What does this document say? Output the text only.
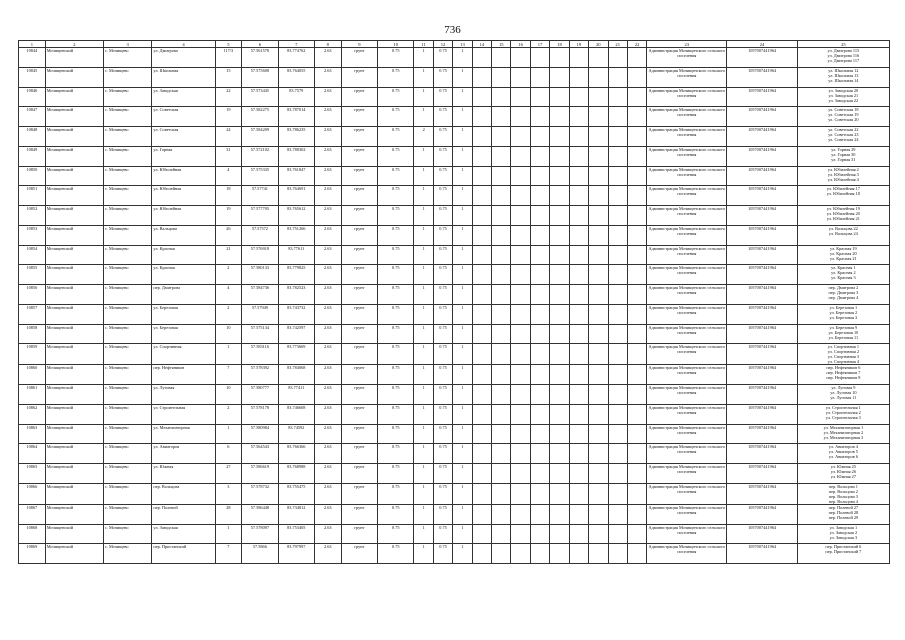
736
1	2	3	4	5	6	7	8	9	10	11	12	13	14	15	16	17	18	19	20	21	22	23	24	25
10844	Мочищенский	с. Мочищево	ул. Дмитрова	117/3	57.561578	83.774762	2.63	грунт	0.75	1	0.75	1										Администрация Мочищенского сельского поселения	1057007441964	ул. Дмитрова 115
ул. Дмитрова 116
ул. Дмитрова 117
10845	Мочищенский	с. Мочищево	ул. Школьная	15	57.575608	83.764055	2.63	грунт	0.75	1	0.75	1										Администрация Мочищенского сельского поселения	1057007441964	ул. Школьная 12
ул. Школьная 13
ул. Школьная 14
10846	Мочищенский	с. Мочищево	ул. Заводская	22	57.573445	83.7579	2.63	грунт	0.75	1	0.75	1										Администрация Мочищенского сельского поселения	1057007441964	ул. Заводская 20
ул. Заводская 21
ул. Заводская 22
10847	Мочищенский	с. Мочищево	ул. Советская	19	57.582275	83.787014	2.63	грунт	0.75	1	0.75	1										Администрация Мочищенского сельского поселения	1057007441964	ул. Советская 18
ул. Советская 19
ул. Советская 20
10848	Мочищенский	с. Мочищево	ул. Советская	24	57.584209	83.786235	2.63	грунт	0.75	2	0.75	1										Администрация Мочищенского сельского поселения	1057007441964	ул. Советская 22
ул. Советская 23
ул. Советская 24
10849	Мочищенский	с. Мочищево	ул. Горная	31	57.572102	83.788302	2.63	грунт	0.75	1	0.75	1										Администрация Мочищенского сельского поселения	1057007441964	ул. Горная 29
ул. Горная 30
ул. Горная 31
10850	Мочищенский	с. Мочищево	ул. Юбилейная	4	57.575335	83.761847	2.63	грунт	0.75	1	0.75	1										Администрация Мочищенского сельского поселения	1057007441964	ул. Юбилейная 2
ул. Юбилейная 3
ул. Юбилейная 4
10851	Мочищенский	с. Мочищево	ул. Юбилейная	18	57.57741	83.764691	2.63	грунт	0.75	1	0.75	1										Администрация Мочищенского сельского поселения	1057007441964	ул. Юбилейная 17
ул. Юбилейная 18
10852	Мочищенский	с. Мочищево	ул. Юбилейная	19	57.577705	83.765612	2.63	грунт	0.75	1	0.75	1										Администрация Мочищенского сельского поселения	1057007441964	ул. Юбилейная 19
ул. Юбилейная 20
ул. Юбилейная 21
10853	Мочищенский	с. Мочищево	ул. Вальцова	26	57.57572	83.751266	2.63	грунт	0.75	1	0.75	1										Администрация Мочищенского сельского поселения	1057007441964	ул. Вальцова 22
ул. Вальцова 24
10854	Мочищенский	с. Мочищево	ул. Красная	21	57.576918	83.77611	2.63	грунт	0.75	1	0.75	1										Администрация Мочищенского сельского поселения	1057007441964	ул. Красная 19
ул. Красная 20
ул. Красная 21
10855	Мочищенский	с. Мочищево	ул. Красная	2	57.580133	83.779825	2.63	грунт	0.75	1	0.75	1										Администрация Мочищенского сельского поселения	1057007441964	ул. Красная 1
ул. Красная 2
ул. Красная 3
10856	Мочищенский	с. Мочищево	пер. Дмитрова	4	57.584736	83.782523	2.63	грунт	0.75	1	0.75	1										Администрация Мочищенского сельского поселения	1057007441964	пер. Дмитрова 2
пер. Дмитрова 3
пер. Дмитрова 4
10857	Мочищенский	с. Мочищево	ул. Березовая	2	57.57949	83.743732	2.63	грунт	0.75	1	0.75	1										Администрация Мочищенского сельского поселения	1057007441964	ул. Березовая 1
ул. Березовая 2
ул. Березовая 3
10858	Мочищенский	с. Мочищево	ул. Березовая	10	57.575134	83.742597	2.63	грунт	0.75	1	0.75	1										Администрация Мочищенского сельского поселения	1057007441964	ул. Березовая 9
ул. Березовая 10
ул. Березовая 11
10859	Мочищенский	с. Мочищево	ул. Спортивная	1	57.583116	83.773669	2.63	грунт	0.75	1	0.75	1										Администрация Мочищенского сельского поселения	1057007441964	ул. Спортивная 1
ул. Спортивная 2
ул. Спортивная 3
ул. Спортивная 4
10860	Мочищенский	с. Мочищево	пер. Нефтяников	7	57.578392	83.784068	2.63	грунт	0.75	1	0.75	1										Администрация Мочищенского сельского поселения	1057007441964	пер. Нефтяников 6
пер. Нефтяников 7
пер. Нефтяников 8
10861	Мочищенский	с. Мочищево	ул. Луговая	10	57.580777	83.77411	2.63	грунт	0.75	1	0.75	1										Администрация Мочищенского сельского поселения	1057007441964	ул. Луговая 9
ул. Луговая 10
ул. Луговая 11
10862	Мочищенский	с. Мочищево	ул. Строительная	2	57.578178	83.746608	2.63	грунт	0.75	1	0.75	1										Администрация Мочищенского сельского поселения	1057007441964	ул. Строительная 1
ул. Строительная 2
ул. Строительная 3
10863	Мочищенский	с. Мочищево	ул. Механизаторная	1	57.580984	83.74592	2.63	грунт	0.75	1	0.75	1										Администрация Мочищенского сельского поселения	1057007441964	ул. Механизаторная 1
ул. Механизаторная 2
ул. Механизаторная 3
10864	Мочищенский	с. Мочищево	ул. Авиаторов	6	57.564543	83.766366	2.63	грунт	0.75	1	0.75	1										Администрация Мочищенского сельского поселения	1057007441964	ул. Авиаторов 4
ул. Авиаторов 5
ул. Авиаторов 6
10865	Мочищенский	с. Мочищево	ул. Южная	27	57.586619	83.768988	2.63	грунт	0.75	1	0.75	1										Администрация Мочищенского сельского поселения	1057007441964	ул. Южная 25
ул. Южная 26
ул. Южная 27
10866	Мочищенский	с. Мочищево	пер. Вольцова	3	57.578732	83.755475	2.63	грунт	0.75	1	0.75	1										Администрация Мочищенского сельского поселения	1057007441964	пер. Вольцова 1
пер. Вольцова 2
пер. Вольцова 3
пер. Вольцова 4
10867	Мочищенский	с. Мочищево	пер. Полевой	28	57.586448	83.734812	2.63	грунт	0.75	1	0.75	1										Администрация Мочищенского сельского поселения	1057007441964	пер. Полевой 27
пер. Полевой 28
пер. Полевой 29
10868	Мочищенский	с. Мочищево	ул. Заводская	1	57.578097	83.753405	2.63	грунт	0.75	1	0.75	1										Администрация Мочищенского сельского поселения	1057007441964	ул. Заводская 1
ул. Заводская 2
ул. Заводская 3
10869	Мочищенский	с. Мочищево	пер. Пристанский	7	57.5866	83.797997	2.63	грунт	0.75	1	0.75	1										Администрация Мочищенского сельского поселения	1057007441964	пер. Пристанский 6
пер. Пристанский 7
